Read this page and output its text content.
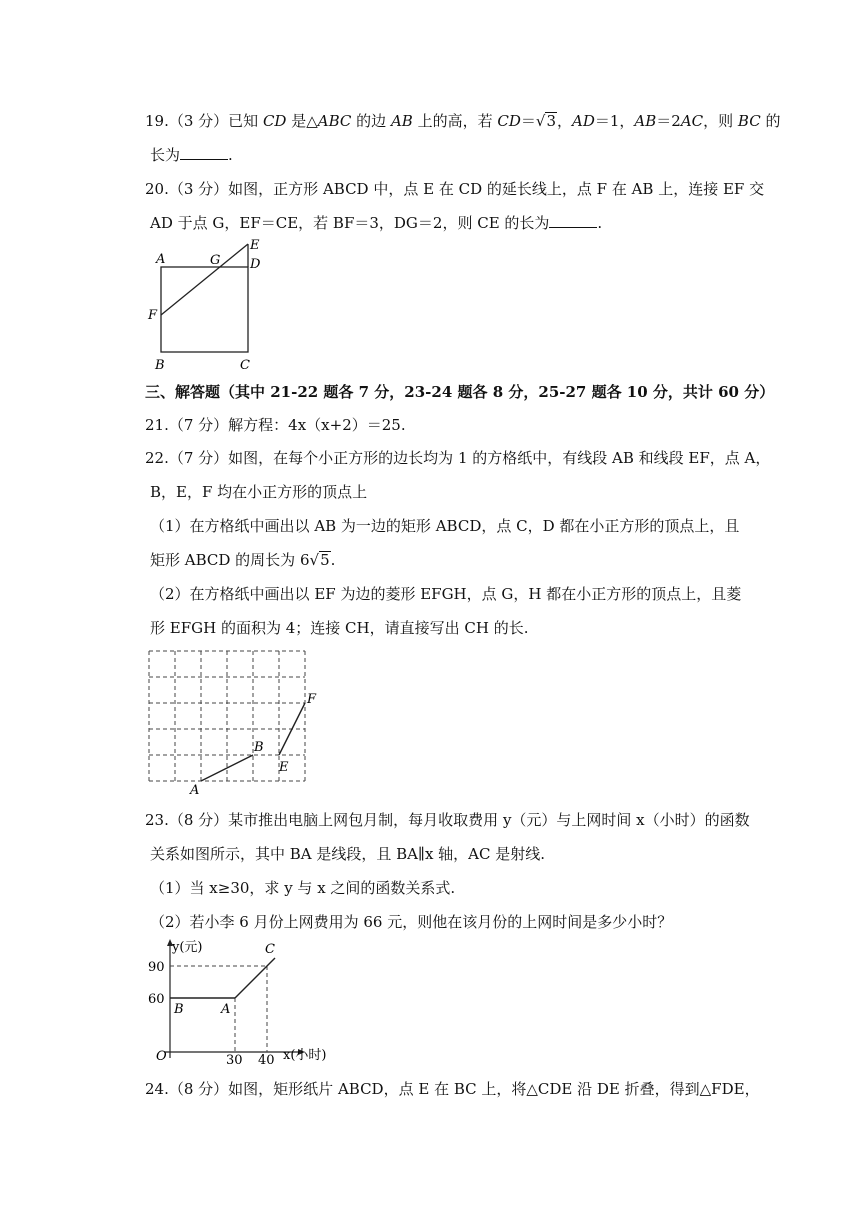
19.（3 分）已知 CD 是△ABC 的边 AB 上的高，若 CD＝√3，AD＝1，AB＝2AC，则 BC 的
长为	.
20.（3 分）如图，正方形 ABCD 中，点 E 在 CD 的延长线上，点 F 在 AB 上，连接 EF 交
AD 于点 G，EF＝CE，若 BF＝3，DG＝2，则 CE 的长为	.
A	G
E
D
F
B	C
三、解答题（其中 21-22 题各 7 分，23-24 题各 8 分，25-27 题各 10 分，共计 60 分）
21.（7 分）解方程：4x（x+2）＝25.
22.（7 分）如图，在每个小正方形的边长均为 1 的方格纸中，有线段 AB 和线段 EF，点 A，
B，E，F 均在小正方形的顶点上
（1）在方格纸中画出以 AB 为一边的矩形 ABCD，点 C，D 都在小正方形的顶点上，且
矩形 ABCD 的周长为 6√5.
（2）在方格纸中画出以 EF 为边的菱形 EFGH，点 G，H 都在小正方形的顶点上，且菱
形 EFGH 的面积为 4；连接 CH，请直接写出 CH 的长.
A
B
E
F
23.（8 分）某市推出电脑上网包月制，每月收取费用 y（元）与上网时间 x（小时）的函数
关系如图所示，其中 BA 是线段，且 BA∥x 轴，AC 是射线.
（1）当 x≥30，求 y 与 x 之间的函数关系式.
（2）若小李 6 月份上网费用为 66 元，则他在该月份的上网时间是多少小时？
y(元)
x(小时)
O
90
60
30 40
B	A
C
24.（8 分）如图，矩形纸片 ABCD，点 E 在 BC 上，将△CDE 沿 DE 折叠，得到△FDE，
